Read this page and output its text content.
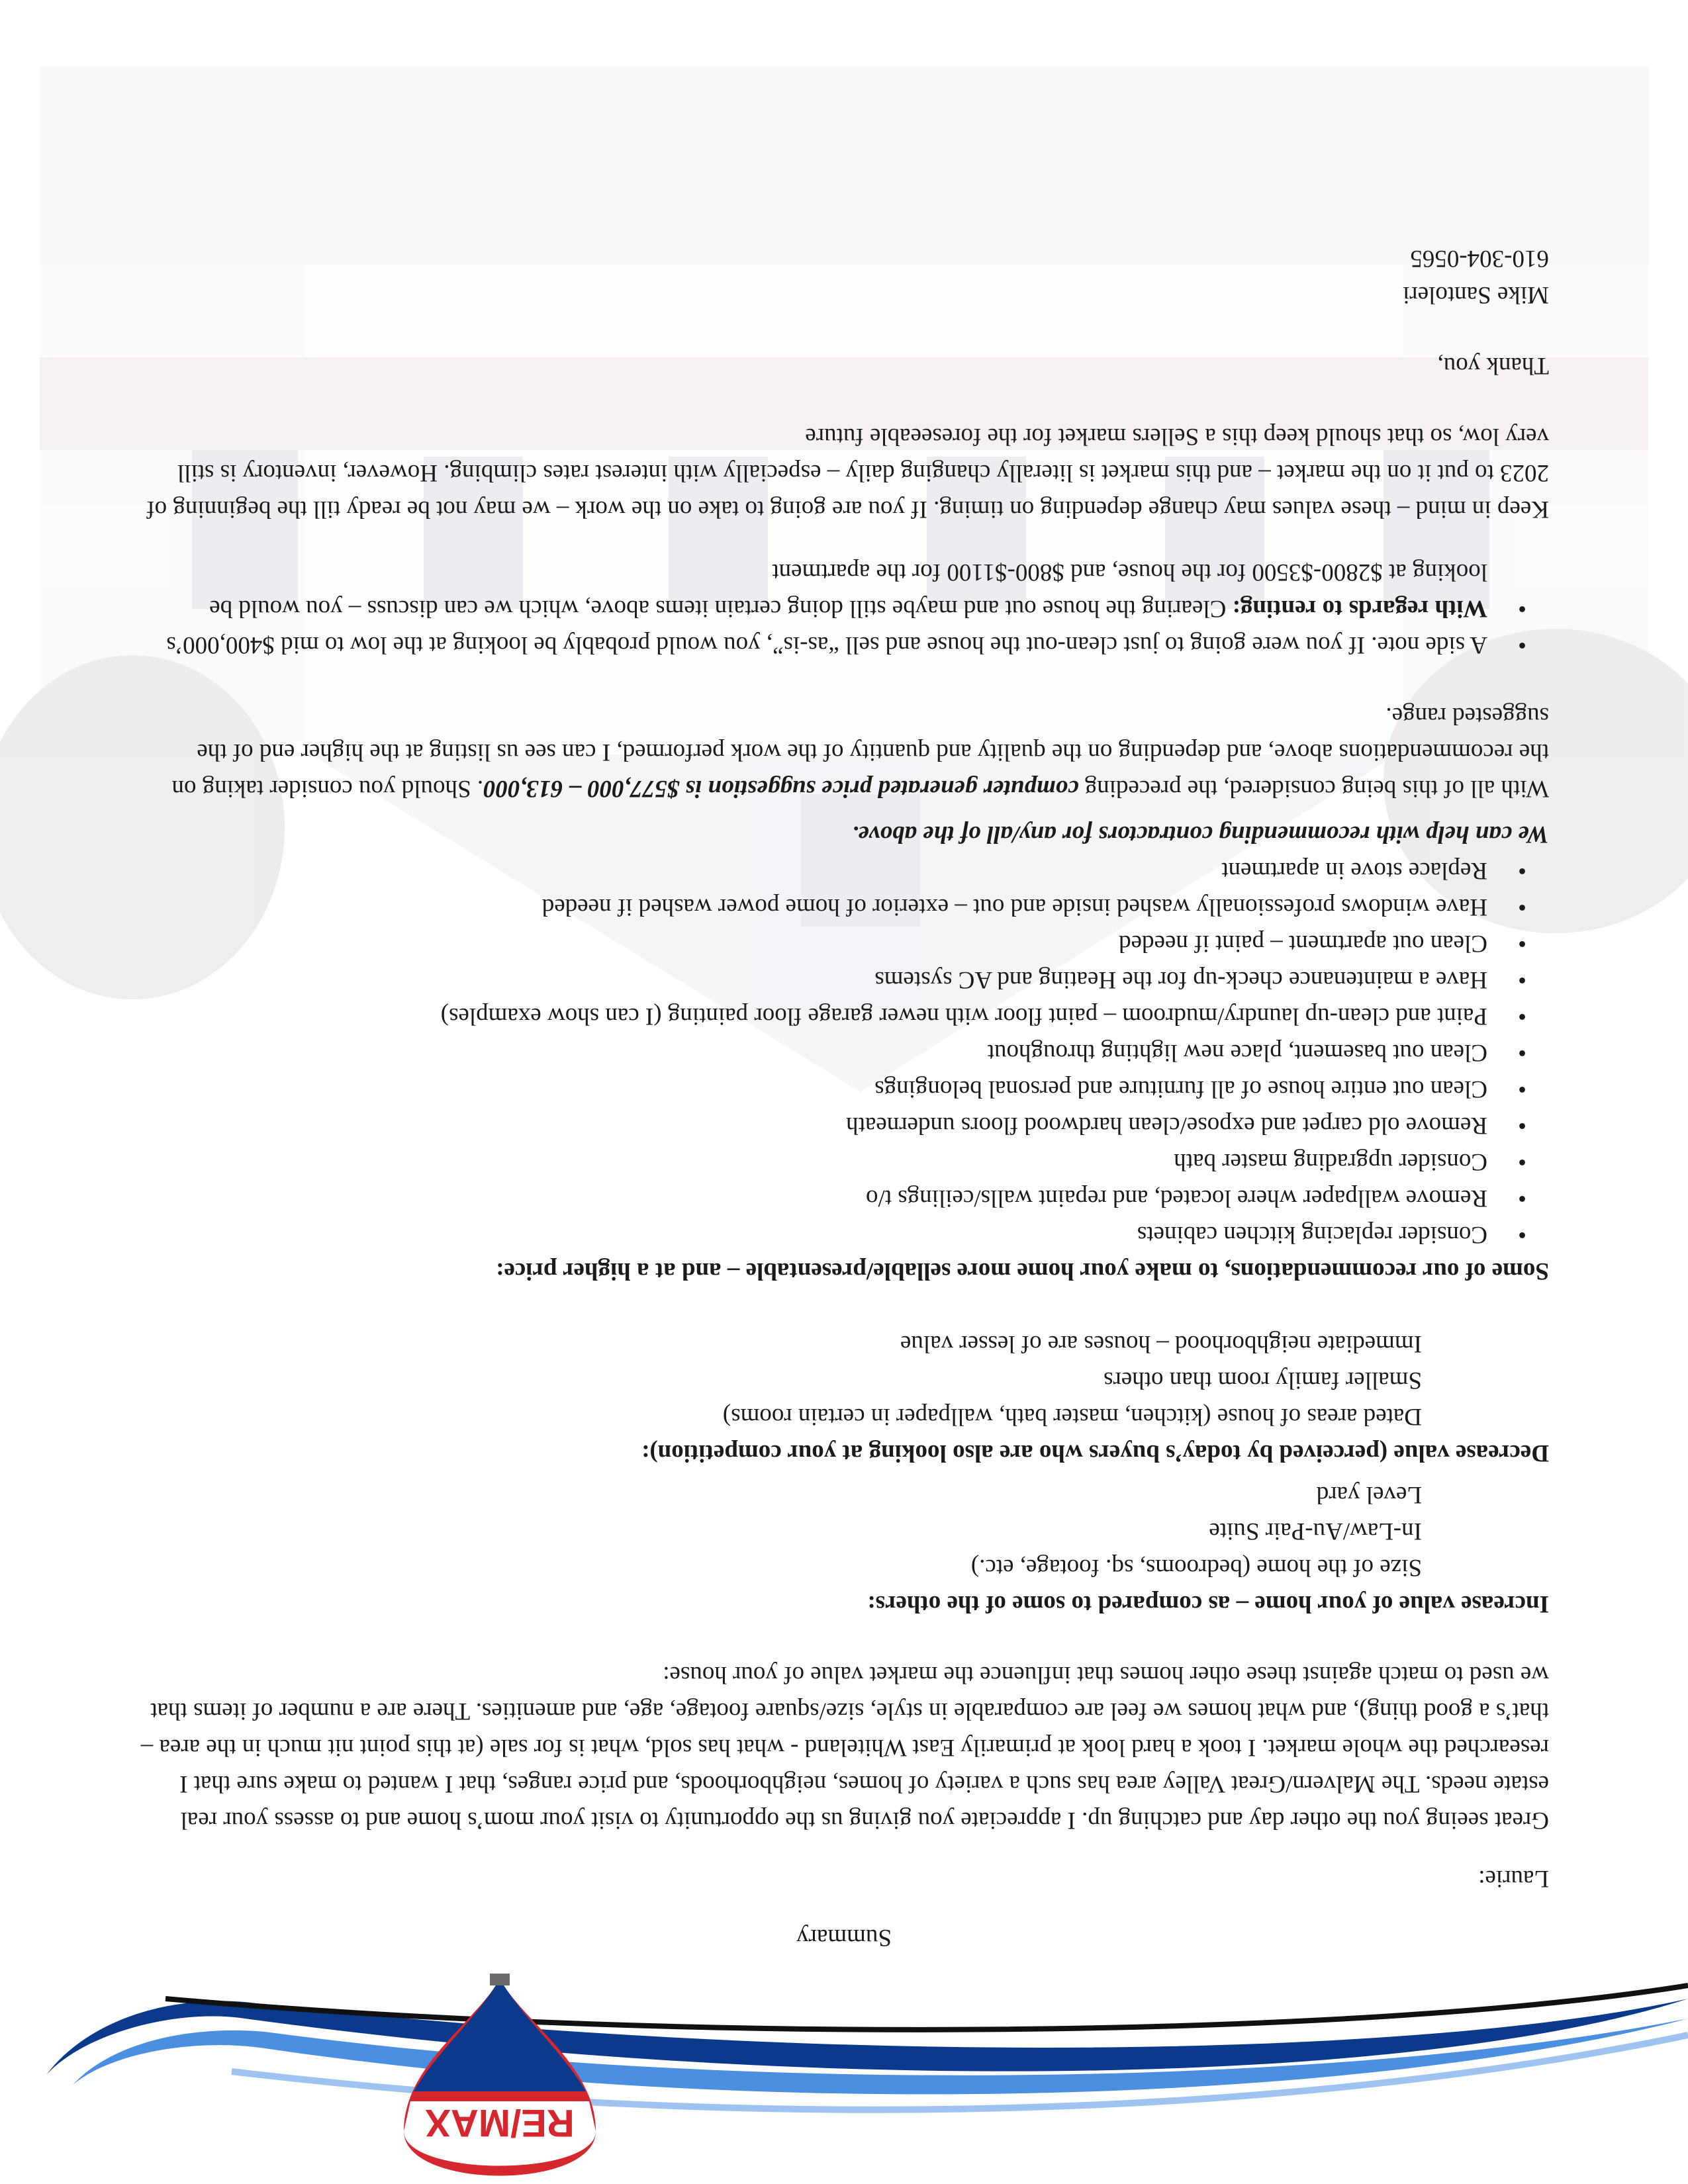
RE/MAX
Summary

Laurie:

Great seeing you the other day and catching up. I appreciate you giving us the opportunity to visit your mom’s home and to assess your real estate needs. The Malvern/Great Valley area has such a variety of homes, neighborhoods, and price ranges, that I wanted to make sure that I researched the whole market. I took a hard look at primarily East Whiteland - what has sold, what is for sale (at this point nit much in the area – that’s a good thing), and what homes we feel are comparable in style, size/square footage, age, and amenities. There are a number of items that we used to match against these other homes that influence the market value of your house:

Increase value of your home – as compared to some of the others:

Size of the home (bedrooms, sq. footage, etc.)

In-Law/Au-Pair Suite

Level yard

Decrease value (perceived by today’s buyers who are also looking at your competition):

Dated areas of house (kitchen, master bath, wallpaper in certain rooms)

Smaller family room than others

Immediate neighborhood – houses are of lesser value

Some of our recommendations, to make your home more sellable/presentable – and at a higher price:

• Consider replacing kitchen cabinets
• Remove wallpaper where located, and repaint walls/ceilings t/o
• Consider upgrading master bath
• Remove old carpet and expose/clean hardwood floors underneath
• Clean out entire house of all furniture and personal belongings
• Clean out basement, place new lighting throughout
• Paint and clean-up laundry/mudroom – paint floor with newer garage floor painting (I can show examples)
• Have a maintenance check-up for the Heating and AC systems
• Clean out apartment – paint if needed
• Have windows professionally washed inside and out – exterior of home power washed if needed
• Replace stove in apartment

We can help with recommending contractors for any/all of the above.

With all of this being considered, the preceding computer generated price suggestion is $577,000 – 613,000. Should you consider taking on the recommendations above, and depending on the quality and quantity of the work performed, I can see us listing at the higher end of the suggested range.

• A side note. If you were going to just clean-out the house and sell “as-is”, you would probably be looking at the low to mid $400,000’s
• With regards to renting: Clearing the house out and maybe still doing certain items above, which we can discuss – you would be looking at $2800-$3500 for the house, and $800-$1100 for the apartment

Keep in mind – these values may change depending on timing. If you are going to take on the work – we may not be ready till the beginning of 2023 to put it on the market – and this market is literally changing daily – especially with interest rates climbing. However, inventory is still very low, so that should keep this a Sellers market for the foreseeable future

Thank you,

Mike Santoleri

610-304-0565
